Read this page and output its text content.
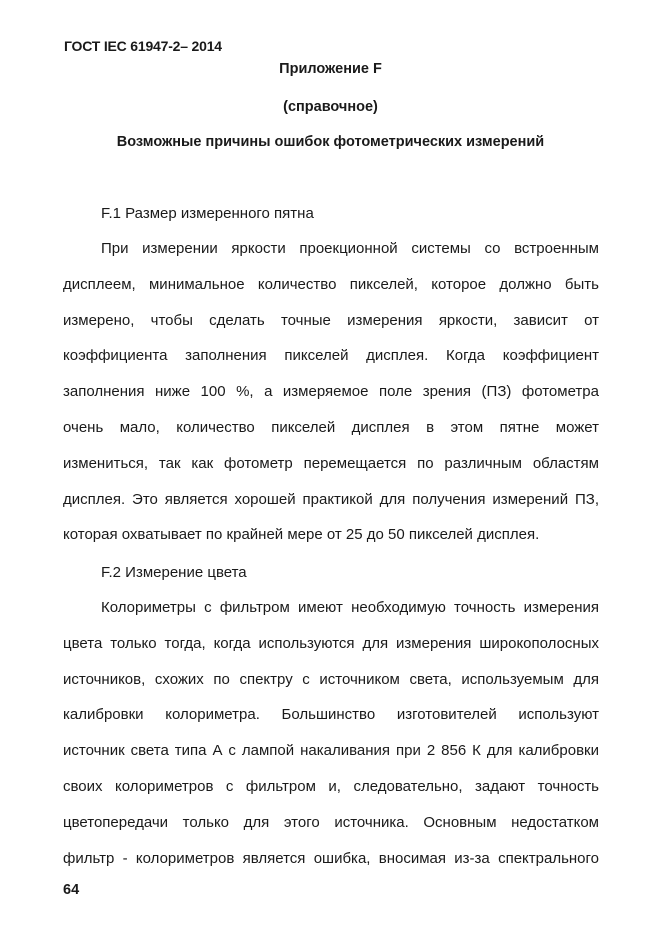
ГОСТ IEC 61947-2– 2014
Приложение F
(справочное)
Возможные причины ошибок фотометрических измерений
F.1 Размер измеренного пятна
При измерении яркости проекционной системы со встроенным
дисплеем, минимальное количество пикселей, которое должно быть
измерено, чтобы сделать точные измерения яркости, зависит от
коэффициента заполнения пикселей дисплея. Когда коэффициент
заполнения ниже 100 %, а измеряемое поле зрения (ПЗ) фотометра
очень мало, количество пикселей дисплея в этом пятне может
измениться, так как фотометр перемещается по различным областям
дисплея. Это является хорошей практикой для получения измерений ПЗ,
которая охватывает по крайней мере от 25 до 50 пикселей дисплея.
F.2 Измерение цвета
Колориметры с фильтром имеют необходимую точность измерения
цвета только тогда, когда используются для измерения широкополосных
источников, схожих по спектру с источником света, используемым для
калибровки колориметра. Большинство изготовителей используют
источник света типа А с лампой накаливания при 2 856 К для калибровки
своих колориметров с фильтром и, следовательно, задают точность
цветопередачи только для этого источника. Основным недостатком
фильтр - колориметров является ошибка, вносимая из-за спектрального
64
